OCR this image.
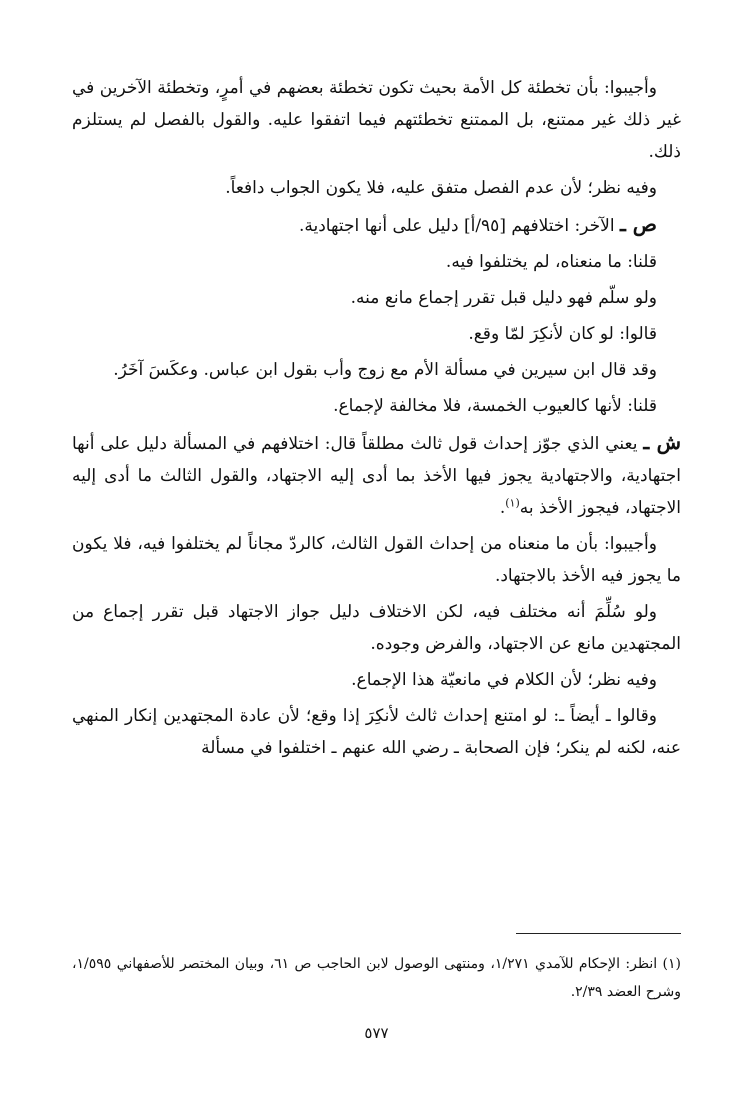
وأجيبوا: بأن تخطئة كل الأمة بحيث تكون تخطئة بعضهم في أمرٍ، وتخطئة الآخرين في غير ذلك غير ممتنع، بل الممتنع تخطئتهم فيما اتفقوا عليه. والقول بالفصل لم يستلزم ذلك.

وفيه نظر؛ لأن عدم الفصل متفق عليه، فلا يكون الجواب دافعاً.

ص ـ الآخر: اختلافهم [٩٥/أ] دليل على أنها اجتهادية.

قلنا: ما منعناه، لم يختلفوا فيه.

ولو سلّم فهو دليل قبل تقرر إجماع مانع منه.

قالوا: لو كان لأنكِرَ لمّا وقع.

وقد قال ابن سيرين في مسألة الأم مع زوج وأب بقول ابن عباس. وعكَسَ آخَرُ.

قلنا: لأنها كالعيوب الخمسة، فلا مخالفة لإجماع.

ش ـ يعني الذي جوّز إحداث قول ثالث مطلقاً قال: اختلافهم في المسألة دليل على أنها اجتهادية، والاجتهادية يجوز فيها الأخذ بما أدى إليه الاجتهاد، والقول الثالث ما أدى إليه الاجتهاد، فيجوز الأخذ به$^{(١)}$.

وأجيبوا: بأن ما منعناه من إحداث القول الثالث، كالردّ مجاناً لم يختلفوا فيه، فلا يكون ما يجوز فيه الأخذ بالاجتهاد.

ولو سُلِّمَ أنه مختلف فيه، لكن الاختلاف دليل جواز الاجتهاد قبل تقرر إجماع من المجتهدين مانع عن الاجتهاد، والفرض وجوده.

وفيه نظر؛ لأن الكلام في مانعيّة هذا الإجماع.

وقالوا ـ أيضاً ـ: لو امتنع إحداث ثالث لأنكِرَ إذا وقع؛ لأن عادة المجتهدين إنكار المنهي عنه، لكنه لم ينكر؛ فإن الصحابة ـ رضي الله عنهم ـ اختلفوا في مسألة

(١) انظر: الإحكام للآمدي ١/٢٧١، ومنتهى الوصول لابن الحاجب ص ٦١، وبيان المختصر للأصفهاني ١/٥٩٥، وشرح العضد ٢/٣٩.
٥٧٧
